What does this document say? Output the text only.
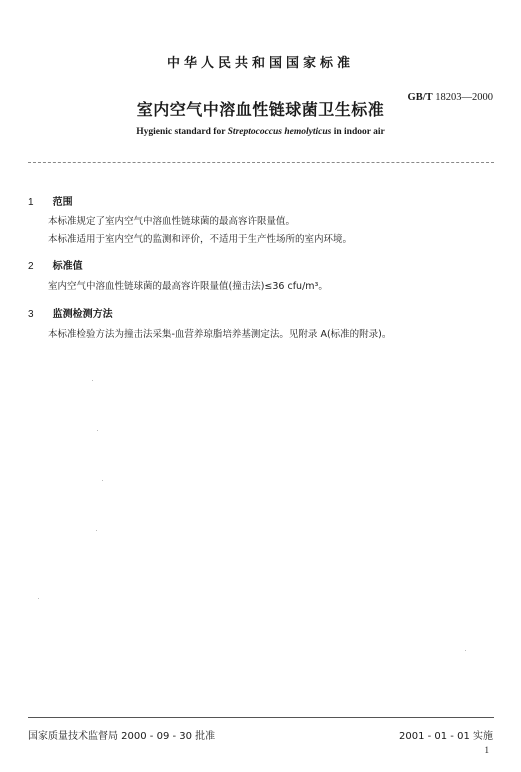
中华人民共和国国家标准
GB/T 18203—2000
室内空气中溶血性链球菌卫生标准
Hygienic standard for Streptococcus hemolyticus in indoor air
1 范围
本标准规定了室内空气中溶血性链球菌的最高容许限量值。
本标准适用于室内空气的监测和评价，不适用于生产性场所的室内环境。
2 标准值
室内空气中溶血性链球菌的最高容许限量值(撞击法)≤36 cfu/m³。
3 监测检测方法
本标准检验方法为撞击法采集-血营养琼脂培养基测定法。见附录 A(标准的附录)。
国家质量技术监督局 2000 - 09 - 30 批准	2001 - 01 - 01 实施
1
